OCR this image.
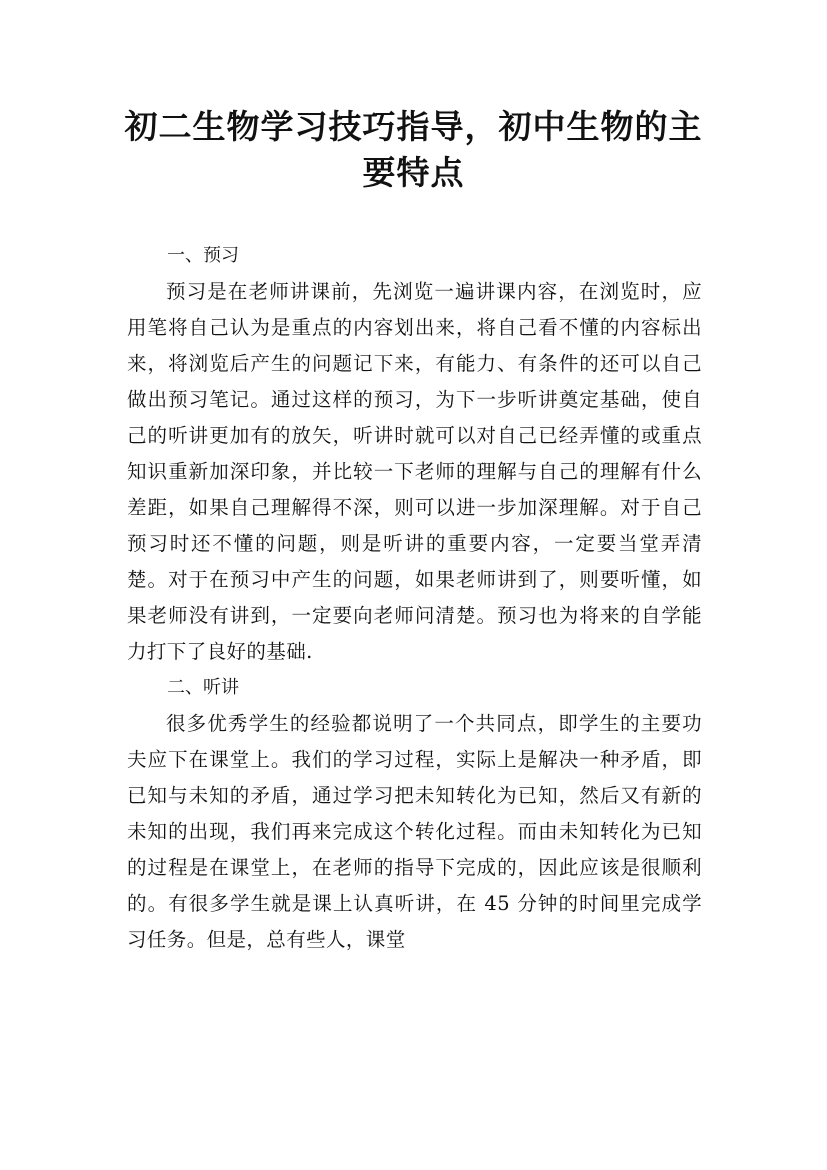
初二生物学习技巧指导，初中生物的主要特点

一、预习

预习是在老师讲课前，先浏览一遍讲课内容，在浏览时，应用笔将自己认为是重点的内容划出来，将自己看不懂的内容标出来，将浏览后产生的问题记下来，有能力、有条件的还可以自己做出预习笔记。通过这样的预习，为下一步听讲奠定基础，使自己的听讲更加有的放矢，听讲时就可以对自己已经弄懂的或重点知识重新加深印象，并比较一下老师的理解与自己的理解有什么差距，如果自己理解得不深，则可以进一步加深理解。对于自己预习时还不懂的问题，则是听讲的重要内容，一定要当堂弄清楚。对于在预习中产生的问题，如果老师讲到了，则要听懂，如果老师没有讲到，一定要向老师问清楚。预习也为将来的自学能力打下了良好的基础.

二、听讲

很多优秀学生的经验都说明了一个共同点，即学生的主要功夫应下在课堂上。我们的学习过程，实际上是解决一种矛盾，即已知与未知的矛盾，通过学习把未知转化为已知，然后又有新的未知的出现，我们再来完成这个转化过程。而由未知转化为已知的过程是在课堂上，在老师的指导下完成的，因此应该是很顺利的。有很多学生就是课上认真听讲，在 45 分钟的时间里完成学习任务。但是，总有些人，课堂
